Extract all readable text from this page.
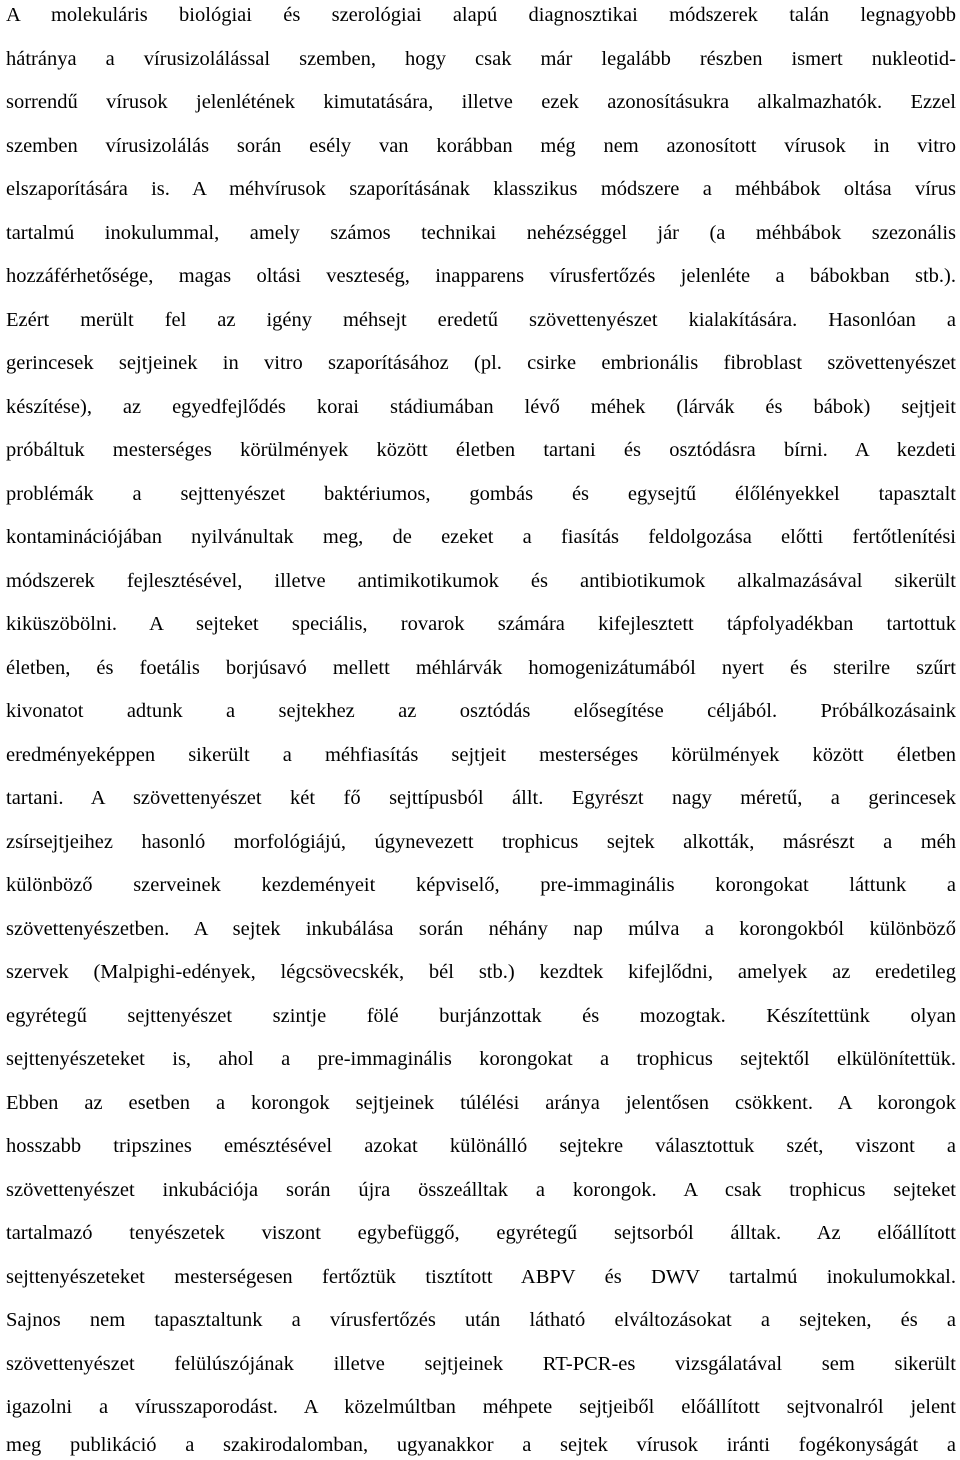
A molekuláris biológiai és szerológiai alapú diagnosztikai módszerek talán legnagyobb
hátránya a vírusizolálással szemben, hogy csak már legalább részben ismert nukleotid-
sorrendű vírusok jelenlétének kimutatására, illetve ezek azonosításukra alkalmazhatók. Ezzel
szemben vírusizolálás során esély van korábban még nem azonosított vírusok in vitro
elszaporítására is. A méhvírusok szaporításának klasszikus módszere a méhbábok oltása vírus
tartalmú inokulummal, amely számos technikai nehézséggel jár (a méhbábok szezonális
hozzáférhetősége, magas oltási veszteség, inapparens vírusfertőzés jelenléte a bábokban stb.).
Ezért merült fel az igény méhsejt eredetű szövettenyészet kialakítására. Hasonlóan a
gerincesek sejtjeinek in vitro szaporításához (pl. csirke embrionális fibroblast szövettenyészet
készítése), az egyedfejlődés korai stádiumában lévő méhek (lárvák és bábok) sejtjeit
próbáltuk mesterséges körülmények között életben tartani és osztódásra bírni. A kezdeti
problémák a sejttenyészet baktériumos, gombás és egysejtű élőlényekkel tapasztalt
kontaminációjában nyilvánultak meg, de ezeket a fiasítás feldolgozása előtti fertőtlenítési
módszerek fejlesztésével, illetve antimikotikumok és antibiotikumok alkalmazásával sikerült
kiküszöbölni. A sejteket speciális, rovarok számára kifejlesztett tápfolyadékban tartottuk
életben, és foetális borjúsavó mellett méhlárvák homogenizátumából nyert és sterilre szűrt
kivonatot adtunk a sejtekhez az osztódás elősegítése céljából. Próbálkozásaink
eredményeképpen sikerült a méhfiasítás sejtjeit mesterséges körülmények között életben
tartani. A szövettenyészet két fő sejttípusból állt. Egyrészt nagy méretű, a gerincesek
zsírsejtjeihez hasonló morfológiájú, úgynevezett trophicus sejtek alkották, másrészt a méh
különböző szerveinek kezdeményeit képviselő, pre-immaginális korongokat láttunk a
szövettenyészetben. A sejtek inkubálása során néhány nap múlva a korongokból különböző
szervek (Malpighi-edények, légcsövecskék, bél stb.) kezdtek kifejlődni, amelyek az eredetileg
egyrétegű sejttenyészet szintje fölé burjánzottak és mozogtak. Készítettünk olyan
sejttenyészeteket is, ahol a pre-immaginális korongokat a trophicus sejtektől elkülönítettük.
Ebben az esetben a korongok sejtjeinek túlélési aránya jelentősen csökkent. A korongok
hosszabb tripszines emésztésével azokat különálló sejtekre választottuk szét, viszont a
szövettenyészet inkubációja során újra összeálltak a korongok. A csak trophicus sejteket
tartalmazó tenyészetek viszont egybefüggő, egyrétegű sejtsorból álltak. Az előállított
sejttenyészeteket mesterségesen fertőztük tisztított ABPV és DWV tartalmú inokulumokkal.
Sajnos nem tapasztaltunk a vírusfertőzés után látható elváltozásokat a sejteken, és a
szövettenyészet felülúszójának illetve sejtjeinek RT-PCR-es vizsgálatával sem sikerült
igazolni a vírusszaporodást. A közelmúltban méhpete sejtjeiből előállított sejtvonalról jelent
meg publikáció a szakirodalomban, ugyanakkor a sejtek vírusok iránti fogékonyságát a
